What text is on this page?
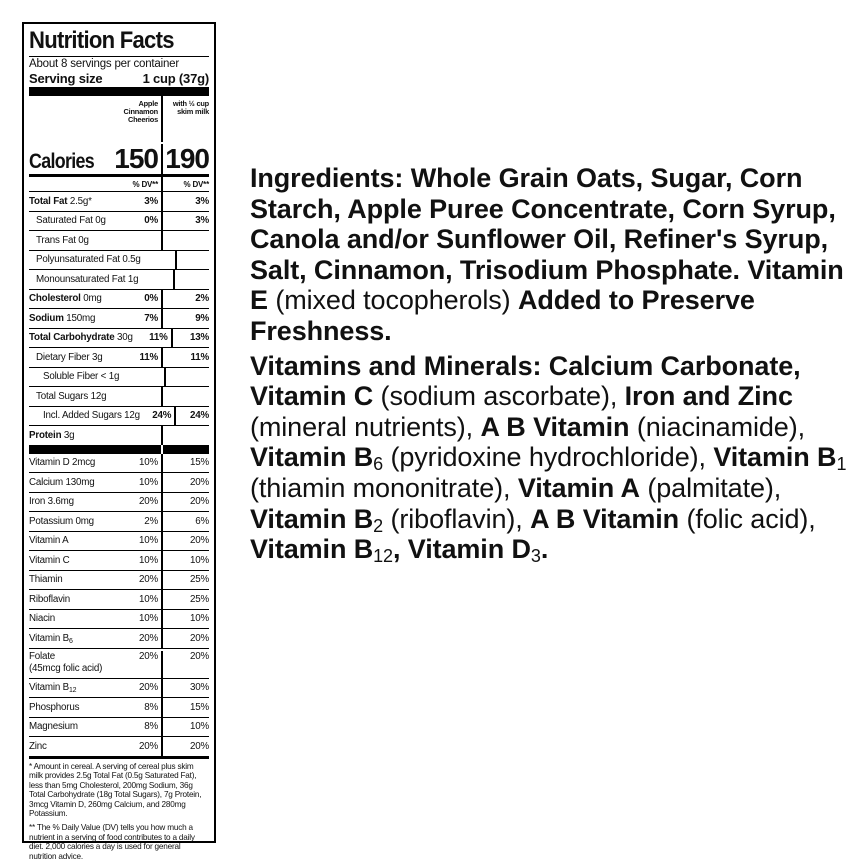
Nutrition Facts
About 8 servings per container
Serving size	1 cup (37g)
Apple Cinnamon Cheerios
with ½ cup skim milk
Calories 150 190
% DV**	% DV**
Total Fat 2.5g*	3%	3%
Saturated Fat 0g	0%	3%
Trans Fat 0g
Polyunsaturated Fat 0.5g
Monounsaturated Fat 1g
Cholesterol 0mg	0%	2%
Sodium 150mg	7%	9%
Total Carbohydrate 30g	11%	13%
Dietary Fiber 3g	11%	11%
Soluble Fiber < 1g
Total Sugars 12g
Incl. Added Sugars 12g	24%	24%
Protein 3g
Vitamin D 2mcg	10%	15%
Calcium 130mg	10%	20%
Iron 3.6mg	20%	20%
Potassium 0mg	2%	6%
Vitamin A	10%	20%
Vitamin C	10%	10%
Thiamin	20%	25%
Riboflavin	10%	25%
Niacin	10%	10%
Vitamin $B_6$	20%	20%
Folate
(45mcg folic acid)
20%	20%
Vitamin $B_{12}$	20%	30%
Phosphorus	8%	15%
Magnesium	8%	10%
Zinc	20%	20%

* Amount in cereal. A serving of cereal plus skim milk provides 2.5g Total Fat (0.5g Saturated Fat), less than 5mg Cholesterol, 200mg Sodium, 36g Total Carbohydrate (18g Total Sugars), 7g Protein, 3mcg Vitamin D, 260mg Calcium, and 280mg Potassium.

** The % Daily Value (DV) tells you how much a nutrient in a serving of food contributes to a daily diet. 2,000 calories a day is used for general nutrition advice.

Ingredients: Whole Grain Oats, Sugar, Corn Starch, Apple Puree Concentrate, Corn Syrup, Canola and/or Sunflower Oil, Refiner's Syrup, Salt, Cinnamon, Trisodium Phosphate. Vitamin E (mixed tocopherols) Added to Preserve Freshness.

Vitamins and Minerals: Calcium Carbonate, Vitamin C (sodium ascorbate), Iron and Zinc (mineral nutrients), A B Vitamin (niacinamide), Vitamin $B_6$ (pyridoxine hydrochloride), Vitamin $B_1$ (thiamin mononitrate), Vitamin A (palmitate), Vitamin $B_2$ (riboflavin), A B Vitamin (folic acid), Vitamin $B_{12}$, Vitamin $D_3$.
